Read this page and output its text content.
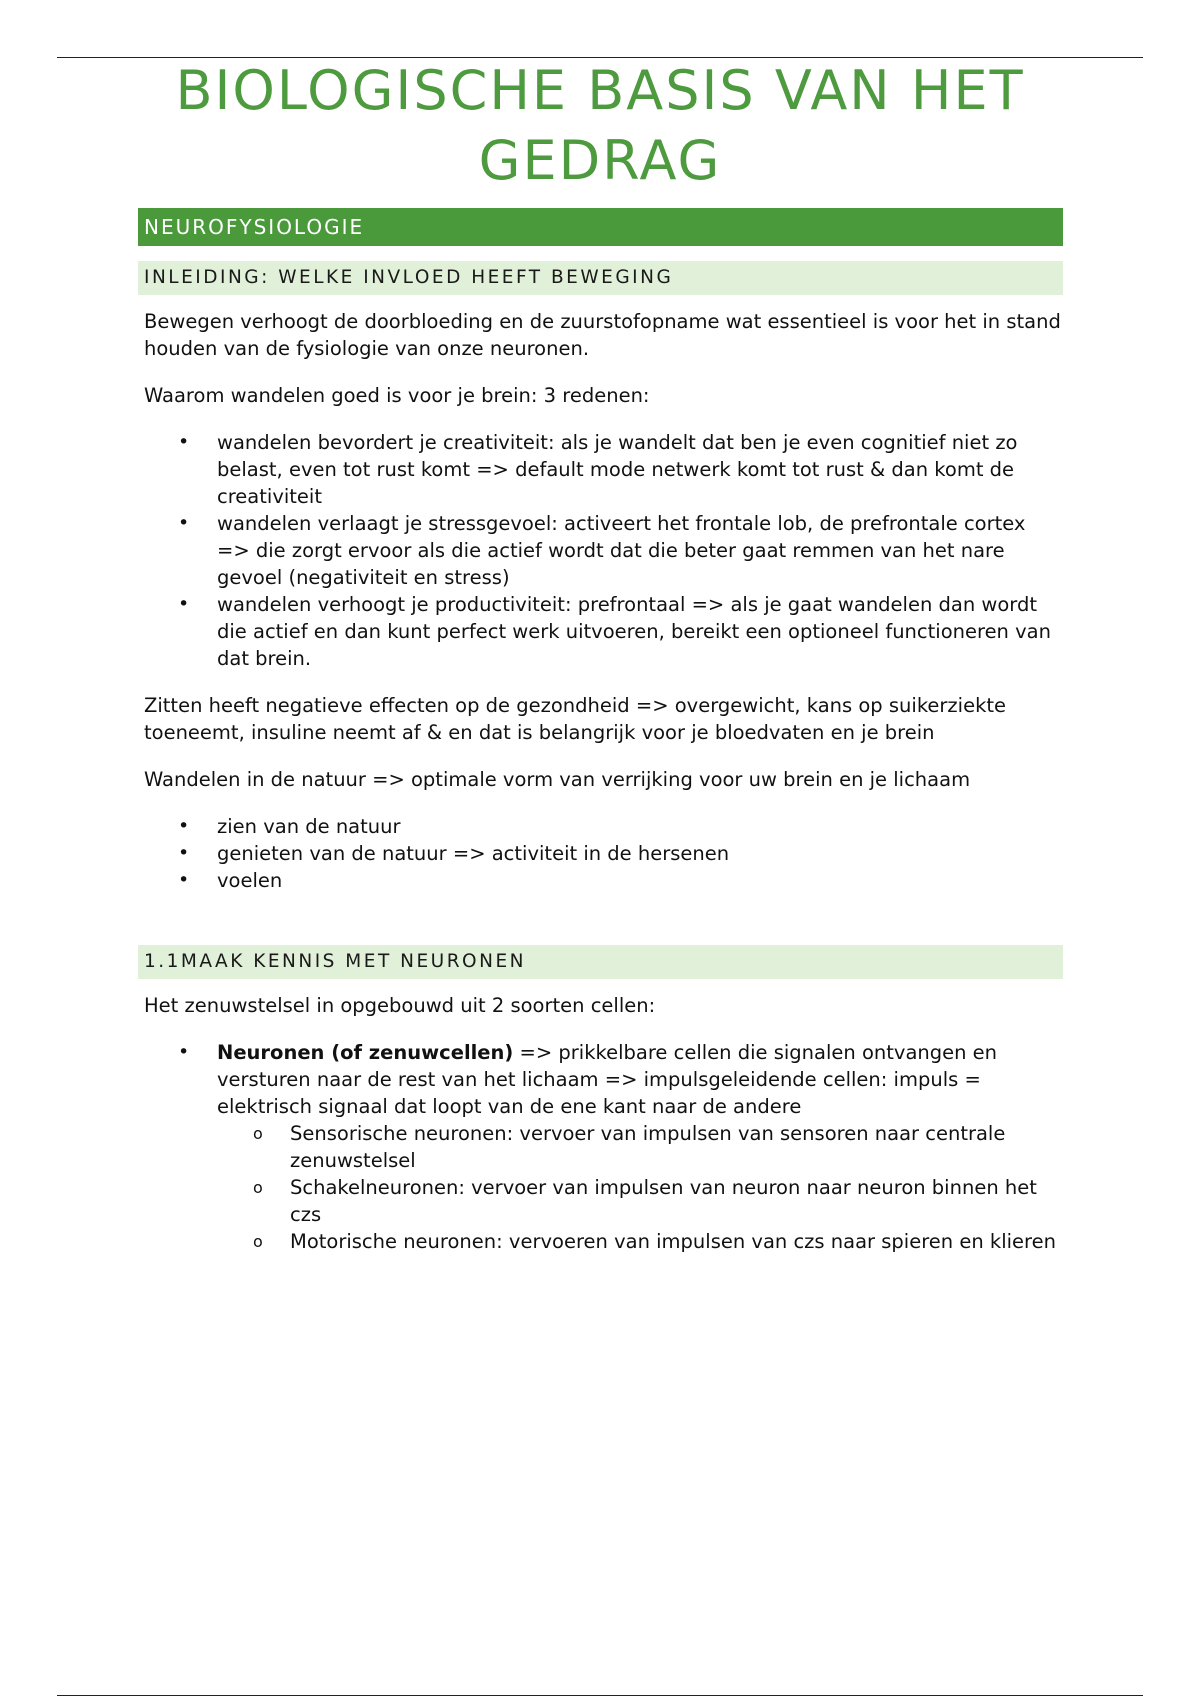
BIOLOGISCHE BASIS VAN HET GEDRAG
NEUROFYSIOLOGIE
INLEIDING: WELKE INVLOED HEEFT BEWEGING

Bewegen verhoogt de doorbloeding en de zuurstofopname wat essentieel is voor het in stand houden van de fysiologie van onze neuronen.

Waarom wandelen goed is voor je brein: 3 redenen:

• wandelen bevordert je creativiteit: als je wandelt dat ben je even cognitief niet zo belast, even tot rust komt => default mode netwerk komt tot rust & dan komt de creativiteit
• wandelen verlaagt je stressgevoel: activeert het frontale lob, de prefrontale cortex => die zorgt ervoor als die actief wordt dat die beter gaat remmen van het nare gevoel (negativiteit en stress)
• wandelen verhoogt je productiviteit: prefrontaal => als je gaat wandelen dan wordt die actief en dan kunt perfect werk uitvoeren, bereikt een optioneel functioneren van dat brein.

Zitten heeft negatieve effecten op de gezondheid => overgewicht, kans op suikerziekte toeneemt, insuline neemt af & en dat is belangrijk voor je bloedvaten en je brein

Wandelen in de natuur => optimale vorm van verrijking voor uw brein en je lichaam

• zien van de natuur
• genieten van de natuur => activiteit in de hersenen
• voelen
1.1MAAK KENNIS MET NEURONEN

Het zenuwstelsel in opgebouwd uit 2 soorten cellen:

• Neuronen (of zenuwcellen) => prikkelbare cellen die signalen ontvangen en versturen naar de rest van het lichaam => impulsgeleidende cellen: impuls = elektrisch signaal dat loopt van de ene kant naar de andere
o Sensorische neuronen: vervoer van impulsen van sensoren naar centrale zenuwstelsel
o Schakelneuronen: vervoer van impulsen van neuron naar neuron binnen het czs
o Motorische neuronen: vervoeren van impulsen van czs naar spieren en klieren
